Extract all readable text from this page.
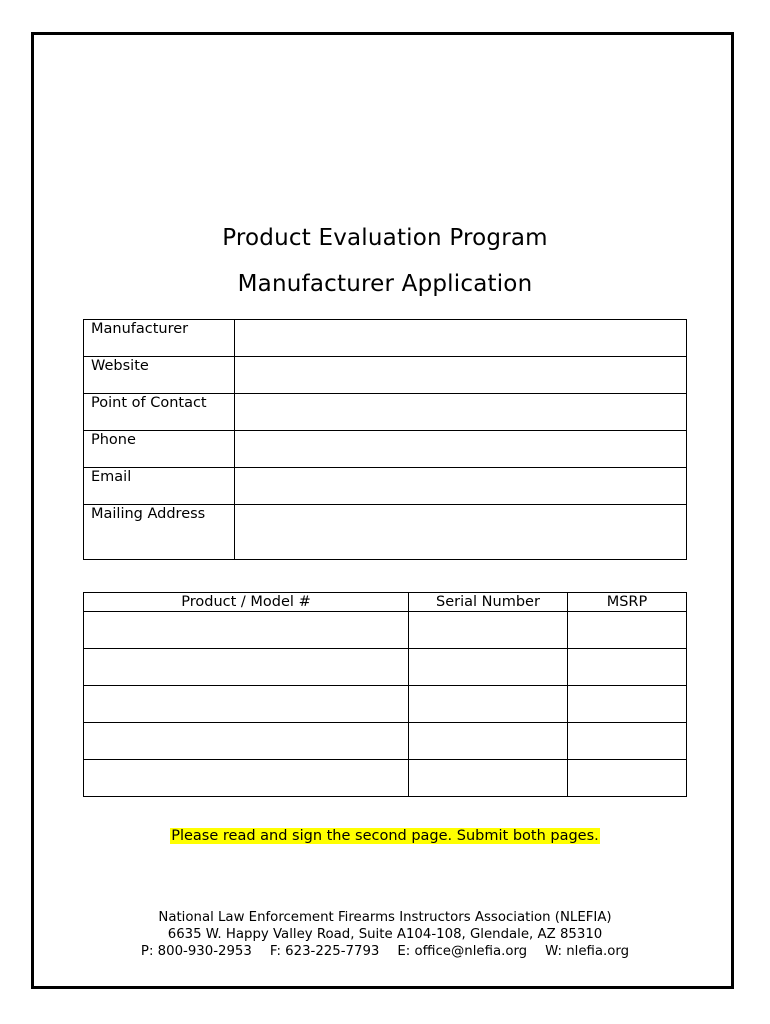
Product Evaluation Program
Manufacturer Application
Manufacturer	
Website	
Point of Contact	
Phone	
Email	
Mailing Address	
Product / Model #	Serial Number	MSRP

Please read and sign the second page. Submit both pages.
National Law Enforcement Firearms Instructors Association (NLEFIA)
6635 W. Happy Valley Road, Suite A104-108, Glendale, AZ 85310
P: 800-930-2953 F: 623-225-7793 E: office@nlefia.org W: nlefia.org
